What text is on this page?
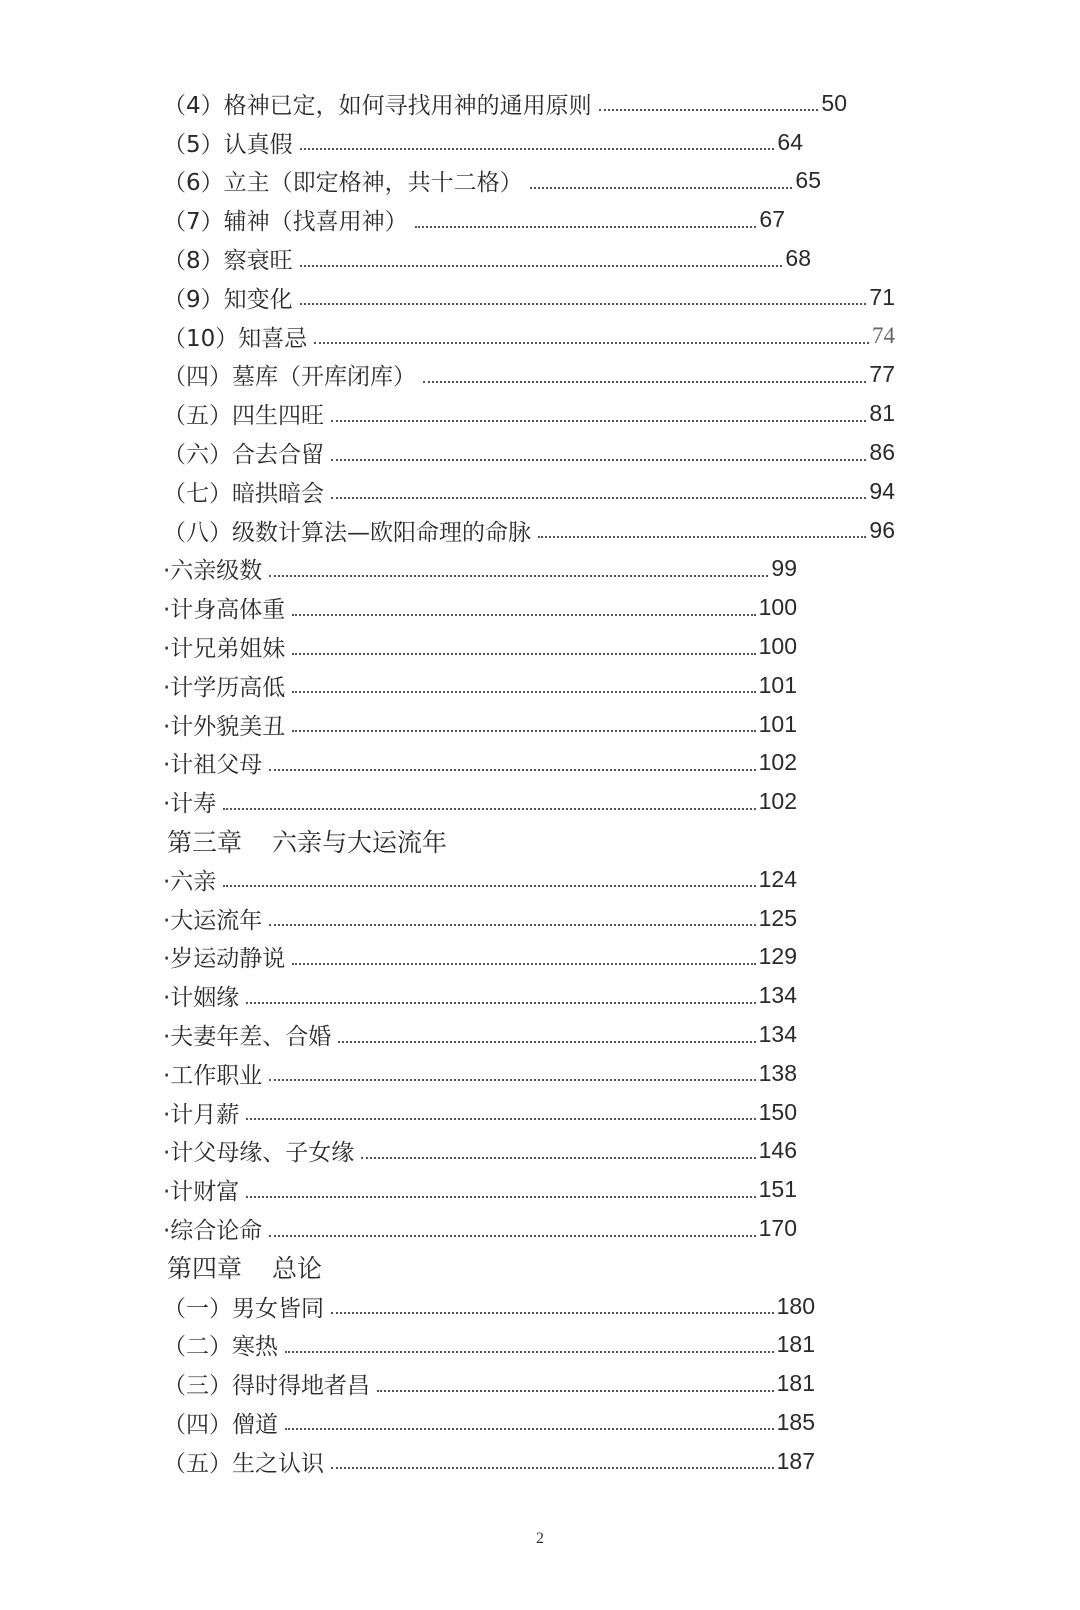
（4）格神已定，如何寻找用神的通用原则	50
（5）认真假	64
（6）立主（即定格神，共十二格）	65
（7）辅神（找喜用神）	67
（8）察衰旺	68
（9）知变化	71
（10）知喜忌	74
（四）墓库（开库闭库）	77
（五）四生四旺	81
（六）合去合留	86
（七）暗拱暗会	94
（八）级数计算法—欧阳命理的命脉	96
·六亲级数	99
·计身高体重	100
·计兄弟姐妹	100
·计学历高低	101
·计外貌美丑	101
·计祖父母	102
·计寿	102
第三章 六亲与大运流年
·六亲	124
·大运流年	125
·岁运动静说	129
·计姻缘	134
·夫妻年差、合婚	134
·工作职业	138
·计月薪	150
·计父母缘、子女缘	146
·计财富	151
·综合论命	170
第四章 总论
（一）男女皆同	180
（二）寒热	181
（三）得时得地者昌	181
（四）僧道	185
（五）生之认识	187
2
